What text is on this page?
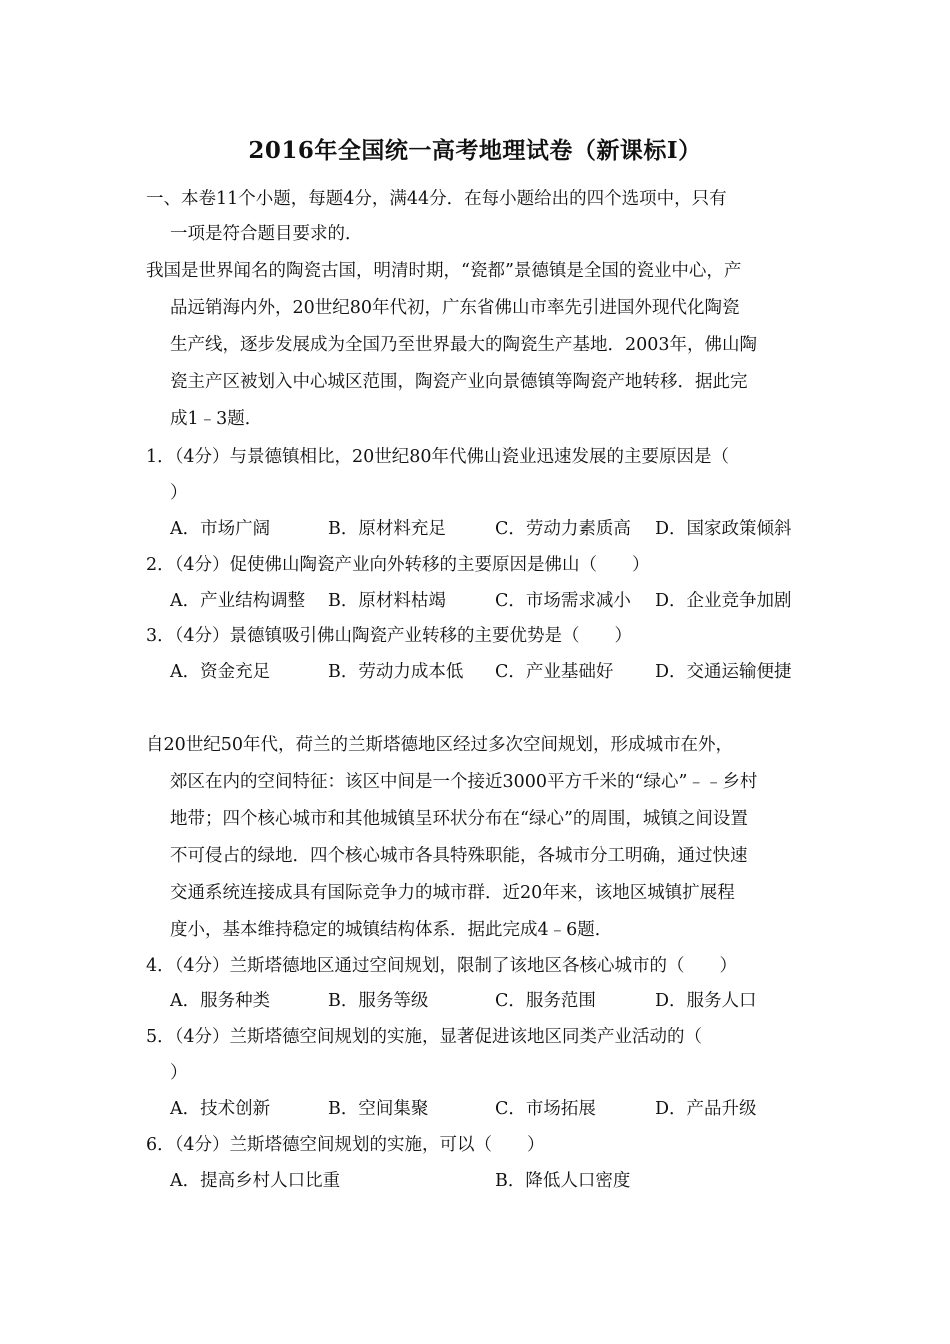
2016年全国统一高考地理试卷（新课标Ⅰ）
一、本卷11个小题，每题4分，满44分．在每小题给出的四个选项中，只有
一项是符合题目要求的．
我国是世界闻名的陶瓷古国，明清时期，“瓷都”景德镇是全国的瓷业中心，产
品远销海内外，20世纪80年代初，广东省佛山市率先引进国外现代化陶瓷
生产线，逐步发展成为全国乃至世界最大的陶瓷生产基地．2003年，佛山陶
瓷主产区被划入中心城区范围，陶瓷产业向景德镇等陶瓷产地转移．据此完
成1﹣3题．
1．（4分）与景德镇相比，20世纪80年代佛山瓷业迅速发展的主要原因是（
）
A．市场广阔	B．原材料充足	C．劳动力素质高 D．国家政策倾斜
2．（4分）促使佛山陶瓷产业向外转移的主要原因是佛山（　　）
A．产业结构调整 B．原材料枯竭	C．市场需求减小 D．企业竞争加剧
3．（4分）景德镇吸引佛山陶瓷产业转移的主要优势是（　　）
A．资金充足	B．劳动力成本低 C．产业基础好 D．交通运输便捷
自20世纪50年代，荷兰的兰斯塔德地区经过多次空间规划，形成城市在外，
郊区在内的空间特征：该区中间是一个接近3000平方千米的“绿心”﹣﹣乡村
地带；四个核心城市和其他城镇呈环状分布在“绿心”的周围，城镇之间设置
不可侵占的绿地．四个核心城市各具特殊职能，各城市分工明确，通过快速
交通系统连接成具有国际竞争力的城市群．近20年来，该地区城镇扩展程
度小，基本维持稳定的城镇结构体系．据此完成4﹣6题．
4．（4分）兰斯塔德地区通过空间规划，限制了该地区各核心城市的（　　）
A．服务种类	B．服务等级	C．服务范围	D．服务人口
5．（4分）兰斯塔德空间规划的实施，显著促进该地区同类产业活动的（
）
A．技术创新	B．空间集聚	C．市场拓展	D．产品升级
6．（4分）兰斯塔德空间规划的实施，可以（　　）
A．提高乡村人口比重	B．降低人口密度
